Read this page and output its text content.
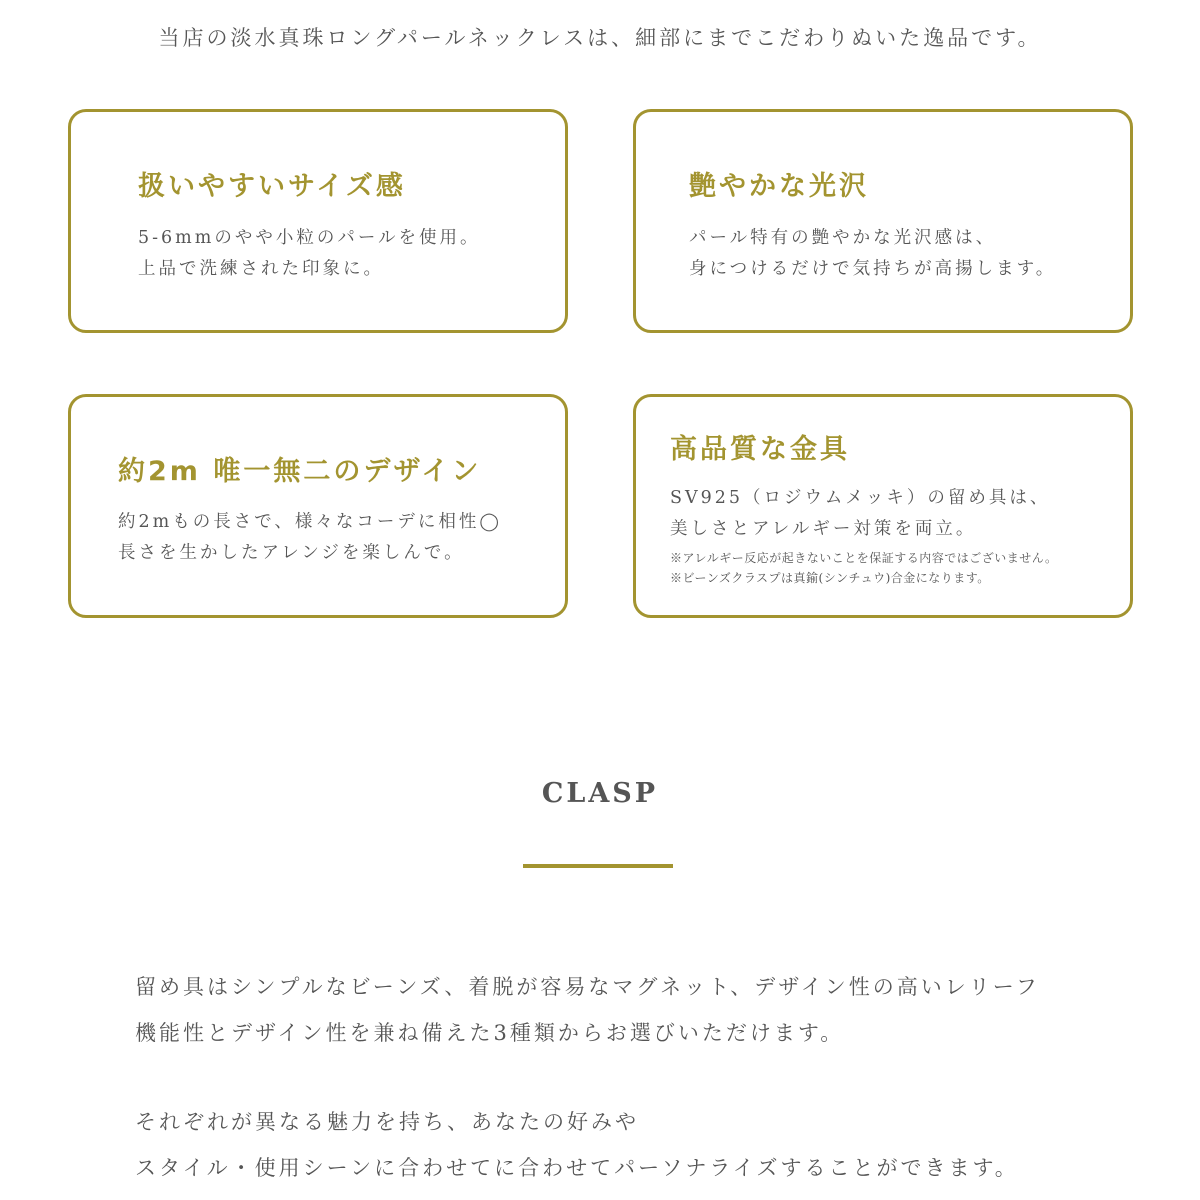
当店の淡水真珠ロングパールネックレスは、細部にまでこだわりぬいた逸品です。

扱いやすいサイズ感

5-6mmのやや小粒のパールを使用。
上品で洗練された印象に。

艶やかな光沢

パール特有の艶やかな光沢感は、
身につけるだけで気持ちが高揚します。

約2m 唯一無二のデザイン

約2mもの長さで、様々なコーデに相性◯
長さを生かしたアレンジを楽しんで。

高品質な金具

SV925（ロジウムメッキ）の留め具は、
美しさとアレルギー対策を両立。

※アレルギー反応が起きないことを保証する内容ではございません。
※ビーンズクラスプは真鍮(シンチュウ)合金になります。

CLASP
留め具はシンプルなビーンズ、着脱が容易なマグネット、デザイン性の高いレリーフ
機能性とデザイン性を兼ね備えた3種類からお選びいただけます。
それぞれが異なる魅力を持ち、あなたの好みや
スタイル・使用シーンに合わせてに合わせてパーソナライズすることができます。
